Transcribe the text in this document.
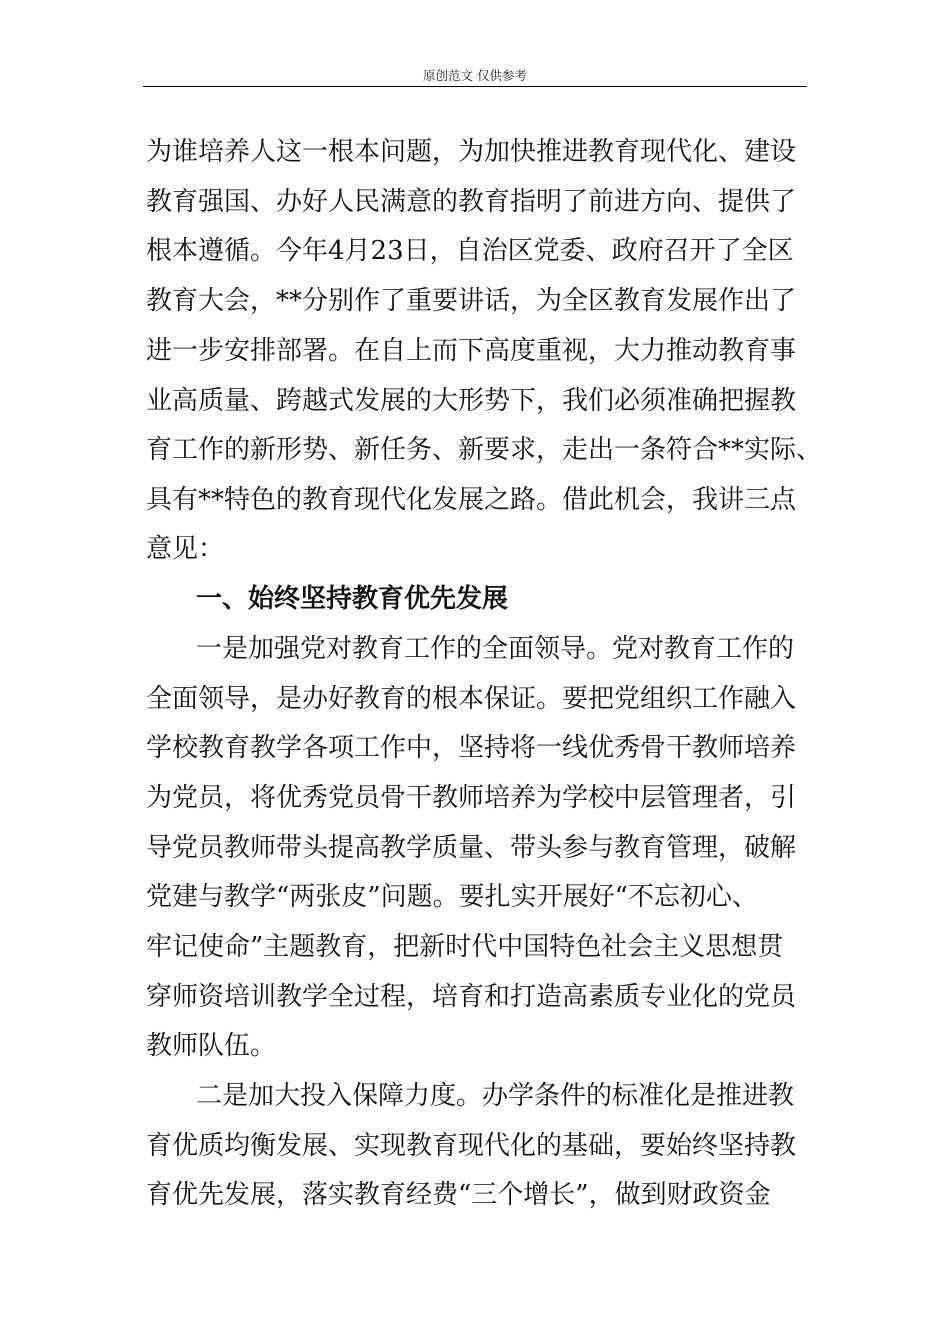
原创范文 仅供参考
为谁培养人这一根本问题，为加快推进教育现代化、建设
教育强国、办好人民满意的教育指明了前进方向、提供了
根本遵循。今年4月23日，自治区党委、政府召开了全区
教育大会，**分别作了重要讲话，为全区教育发展作出了
进一步安排部署。在自上而下高度重视，大力推动教育事
业高质量、跨越式发展的大形势下，我们必须准确把握教
育工作的新形势、新任务、新要求，走出一条符合**实际、
具有**特色的教育现代化发展之路。借此机会，我讲三点
意见：
一、始终坚持教育优先发展
一是加强党对教育工作的全面领导。党对教育工作的
全面领导，是办好教育的根本保证。要把党组织工作融入
学校教育教学各项工作中，坚持将一线优秀骨干教师培养
为党员，将优秀党员骨干教师培养为学校中层管理者，引
导党员教师带头提高教学质量、带头参与教育管理，破解
党建与教学“两张皮”问题。要扎实开展好“不忘初心、
牢记使命”主题教育，把新时代中国特色社会主义思想贯
穿师资培训教学全过程，培育和打造高素质专业化的党员
教师队伍。
二是加大投入保障力度。办学条件的标准化是推进教
育优质均衡发展、实现教育现代化的基础，要始终坚持教
育优先发展，落实教育经费“三个增长”，做到财政资金
